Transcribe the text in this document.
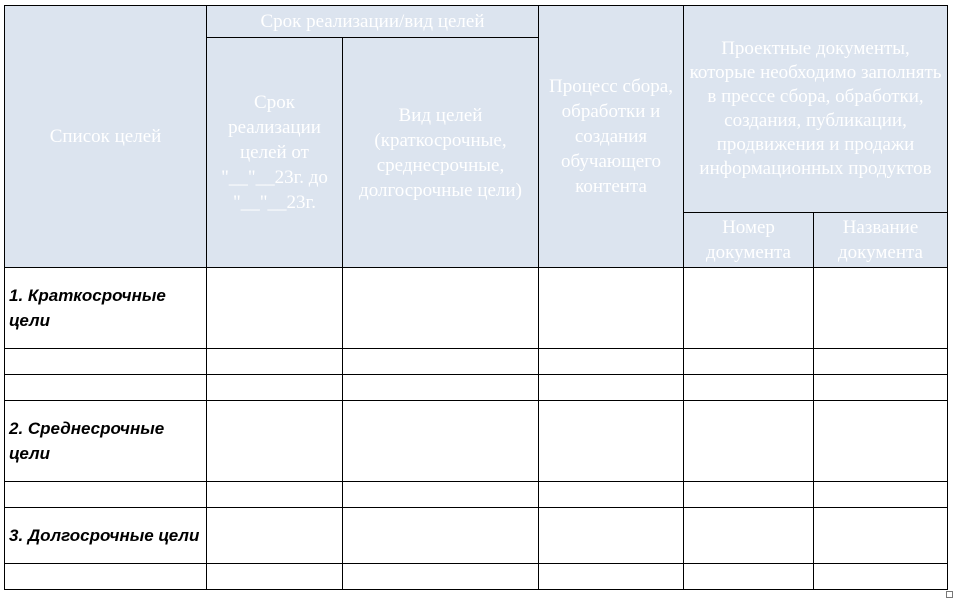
Список целей	Срок реализации/вид целей		Процесс сбора, обработки и создания обучающего контента	Проектные документы, которые необходимо заполнять в прессе сбора, обработки, создания, публикации, продвижения и продажи информационных продуктов	
	Срок реализации целей от "__"__23г. до "__"__23г.	Вид целей (краткосрочные, среднесрочные, долгосрочные цели)			
				Номер документа	Название документа
1. Краткосрочные цели					

2. Среднесрочные цели					

3. Долгосрочные цели					
